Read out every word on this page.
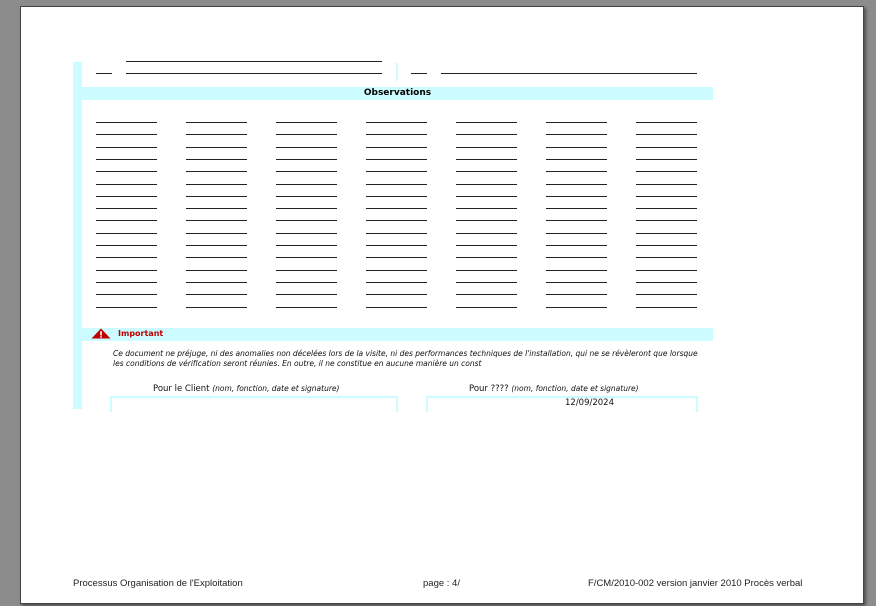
Observations
Important
Ce document ne préjuge, ni des anomalies non décelées lors de la visite, ni des performances techniques de l'installation, qui ne se révèleront que lorsque les conditions de vérification seront réunies. En outre, il ne constitue en aucune manière un const
Pour le Client (nom, fonction, date et signature)	Pour ???? (nom, fonction, date et signature)
12/09/2024
Processus Organisation de l'Exploitation	page : 4/	F/CM/2010-002 version janvier 2010 Procès verbal
